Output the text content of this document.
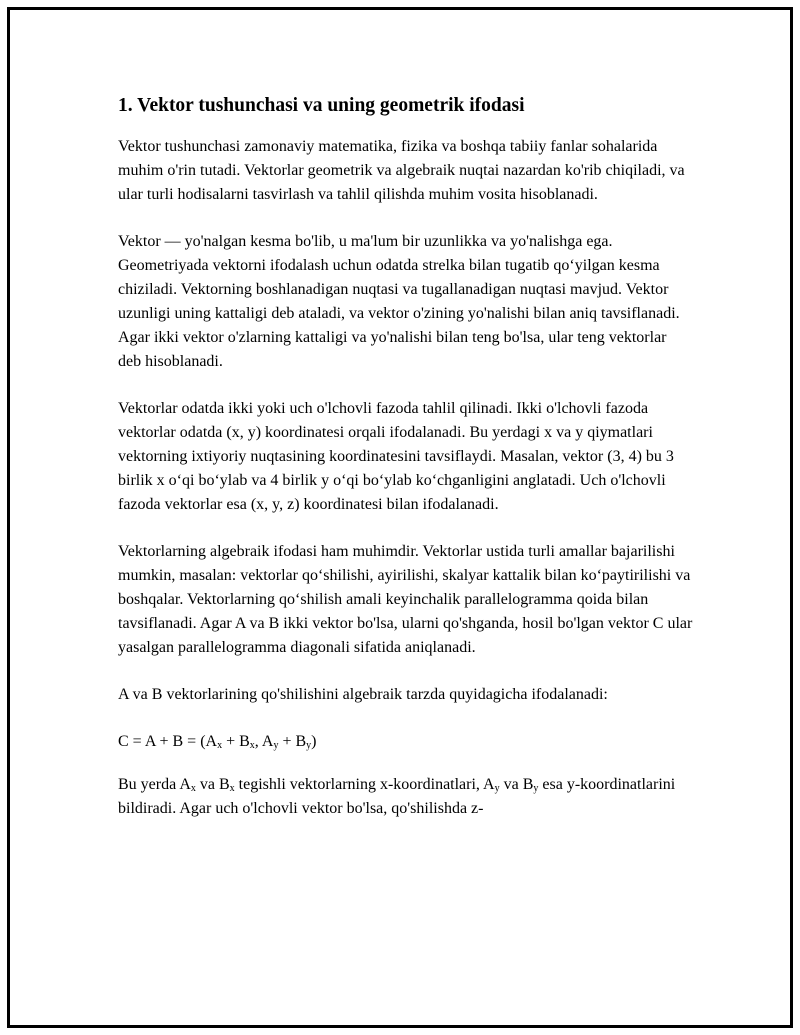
1. Vektor tushunchasi va uning geometrik ifodasi

Vektor tushunchasi zamonaviy matematika, fizika va boshqa tabiiy fanlar sohalarida muhim o'rin tutadi. Vektorlar geometrik va algebraik nuqtai nazardan ko'rib chiqiladi, va ular turli hodisalarni tasvirlash va tahlil qilishda muhim vosita hisoblanadi.

Vektor — yo'nalgan kesma bo'lib, u ma'lum bir uzunlikka va yo'nalishga ega. Geometriyada vektorni ifodalash uchun odatda strelka bilan tugatib qo‘yilgan kesma chiziladi. Vektorning boshlanadigan nuqtasi va tugallanadigan nuqtasi mavjud. Vektor uzunligi uning kattaligi deb ataladi, va vektor o'zining yo'nalishi bilan aniq tavsiflanadi. Agar ikki vektor o'zlarning kattaligi va yo'nalishi bilan teng bo'lsa, ular teng vektorlar deb hisoblanadi.

Vektorlar odatda ikki yoki uch o'lchovli fazoda tahlil qilinadi. Ikki o'lchovli fazoda vektorlar odatda (x, y) koordinatesi orqali ifodalanadi. Bu yerdagi x va y qiymatlari vektorning ixtiyoriy nuqtasining koordinatesini tavsiflaydi. Masalan, vektor (3, 4) bu 3 birlik x o‘qi bo‘ylab va 4 birlik y o‘qi bo‘ylab ko‘chganligini anglatadi. Uch o'lchovli fazoda vektorlar esa (x, y, z) koordinatesi bilan ifodalanadi.

Vektorlarning algebraik ifodasi ham muhimdir. Vektorlar ustida turli amallar bajarilishi mumkin, masalan: vektorlar qo‘shilishi, ayirilishi, skalyar kattalik bilan ko‘paytirilishi va boshqalar. Vektorlarning qo‘shilish amali keyinchalik parallelogramma qoida bilan tavsiflanadi. Agar A va B ikki vektor bo'lsa, ularni qo'shganda, hosil bo'lgan vektor C ular yasalgan parallelogramma diagonali sifatida aniqlanadi.

A va B vektorlarining qo'shilishini algebraik tarzda quyidagicha ifodalanadi:

$C = A + B = (A_x + B_x$, $A_y + B_y$)

Bu yerda $A_x$ va $B_x$ tegishli vektorlarning x-koordinatlari, $A_y$ va $B_y$ esa y-koordinatlarini bildiradi. Agar uch o'lchovli vektor bo'lsa, qo'shilishda z-
